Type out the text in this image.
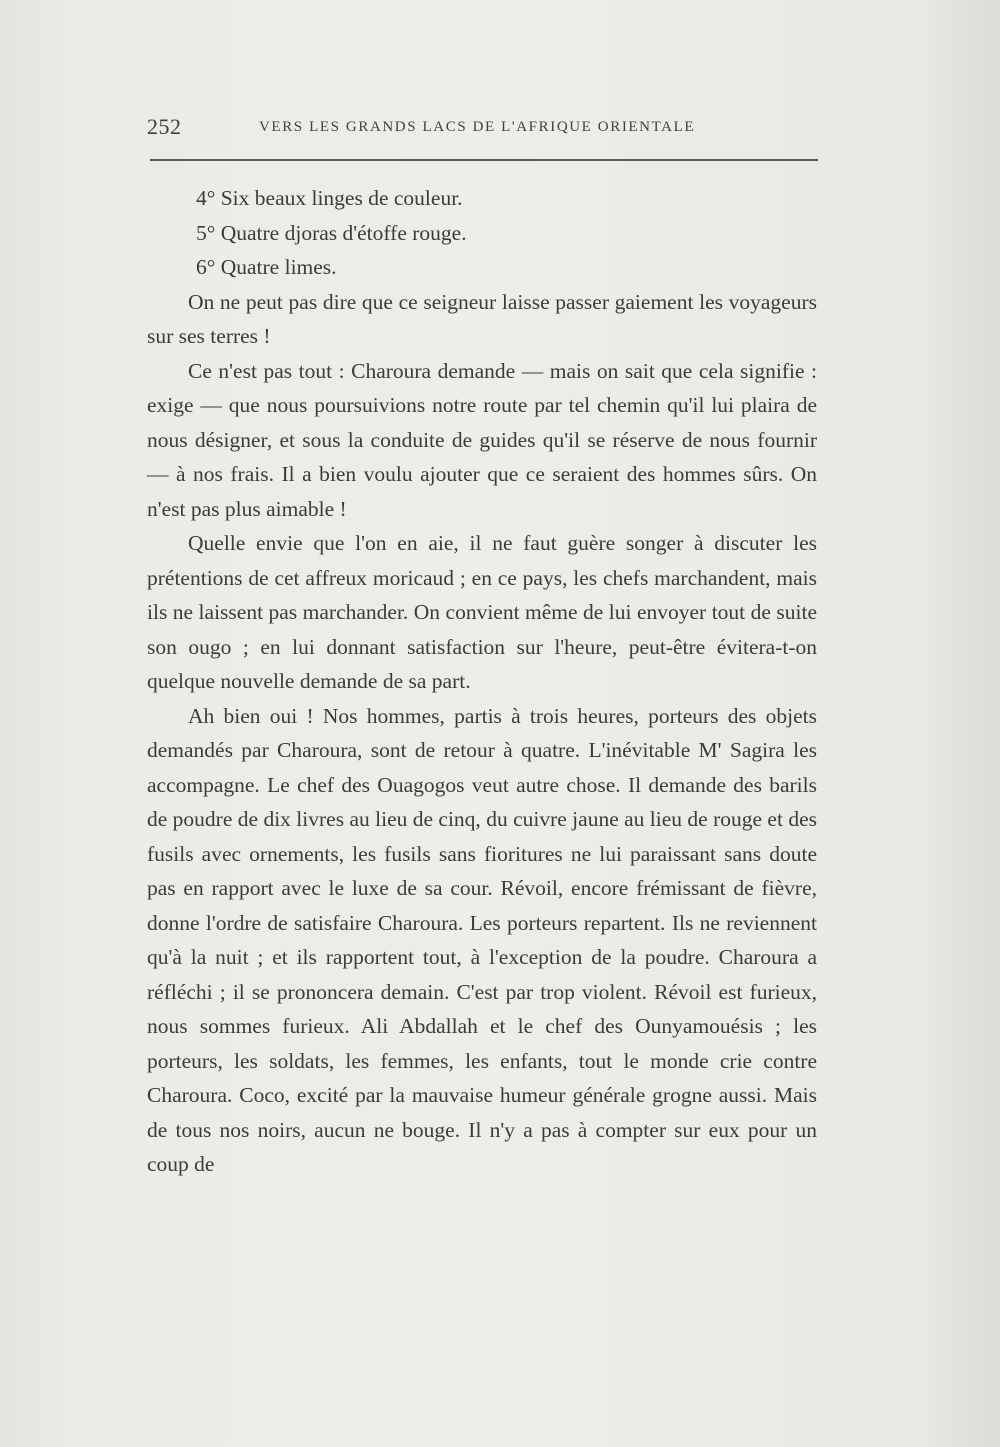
252	VERS LES GRANDS LACS DE L'AFRIQUE ORIENTALE

4° Six beaux linges de couleur.

5° Quatre djoras d'étoffe rouge.

6° Quatre limes.

On ne peut pas dire que ce seigneur laisse passer gaiement les voyageurs sur ses terres !

Ce n'est pas tout : Charoura demande — mais on sait que cela signifie : exige — que nous poursuivions notre route par tel chemin qu'il lui plaira de nous désigner, et sous la conduite de guides qu'il se réserve de nous fournir — à nos frais. Il a bien voulu ajouter que ce seraient des hommes sûrs. On n'est pas plus aimable !

Quelle envie que l'on en aie, il ne faut guère songer à discuter les prétentions de cet affreux moricaud ; en ce pays, les chefs marchandent, mais ils ne laissent pas marchander. On convient même de lui envoyer tout de suite son ougo ; en lui donnant satisfaction sur l'heure, peut-être évitera-t-on quelque nouvelle demande de sa part.

Ah bien oui ! Nos hommes, partis à trois heures, porteurs des objets demandés par Charoura, sont de retour à quatre. L'inévitable M' Sagira les accompagne. Le chef des Ouagogos veut autre chose. Il demande des barils de poudre de dix livres au lieu de cinq, du cuivre jaune au lieu de rouge et des fusils avec ornements, les fusils sans fioritures ne lui paraissant sans doute pas en rapport avec le luxe de sa cour. Révoil, encore frémissant de fièvre, donne l'ordre de satisfaire Charoura. Les porteurs repartent. Ils ne reviennent qu'à la nuit ; et ils rapportent tout, à l'exception de la poudre. Charoura a réfléchi ; il se prononcera demain. C'est par trop violent. Révoil est furieux, nous sommes furieux. Ali Abdallah et le chef des Ounyamouésis ; les porteurs, les soldats, les femmes, les enfants, tout le monde crie contre Charoura. Coco, excité par la mauvaise humeur générale grogne aussi. Mais de tous nos noirs, aucun ne bouge. Il n'y a pas à compter sur eux pour un coup de
